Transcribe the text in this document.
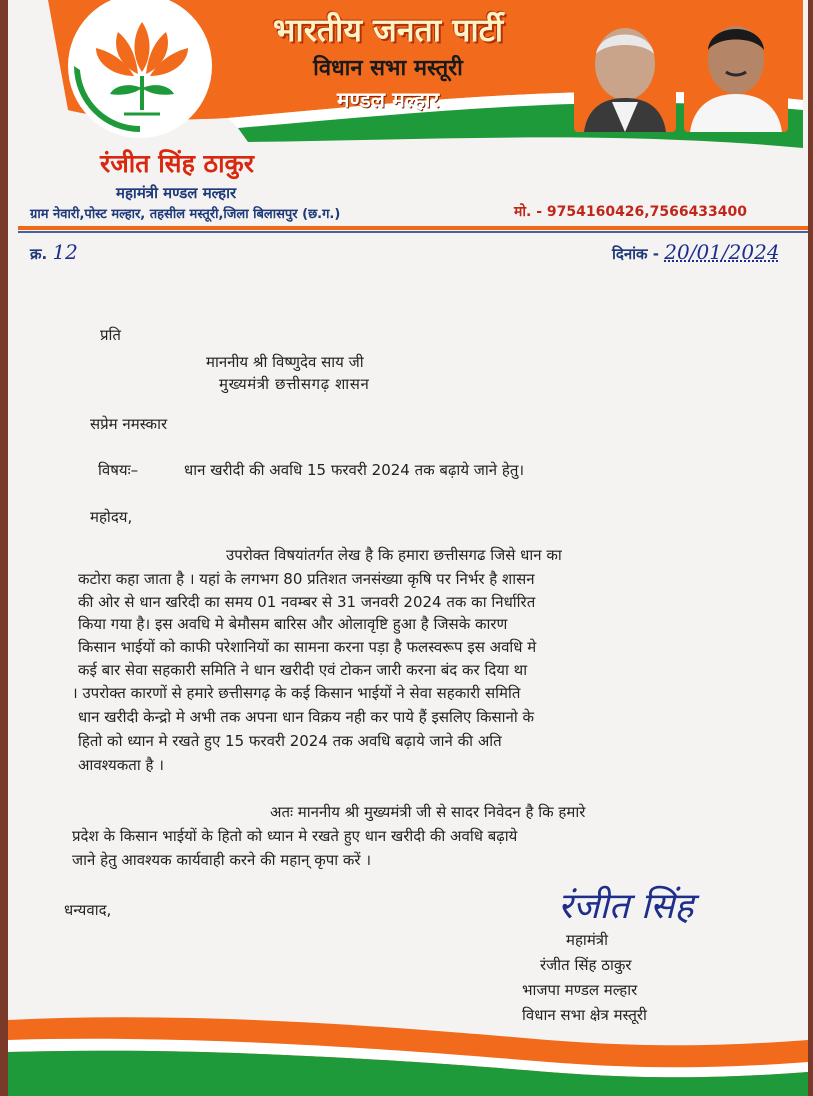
भारतीय जनता पार्टी
विधान सभा मस्तूरी
मण्डल मल्हार
रंजीत सिंह ठाकुर
महामंत्री मण्डल मल्हार
ग्राम नेवारी,पोस्ट मल्हार, तहसील मस्तूरी,जिला बिलासपुर (छ.ग.)	मो. - 9754160426,7566433400
क्र. 12	दिनांक - 20/01/2024
प्रति
माननीय श्री विष्णुदेव साय जी
मुख्यमंत्री छत्तीसगढ़ शासन
सप्रेम नमस्कार
विषयः–	धान खरीदी की अवधि 15 फरवरी 2024 तक बढ़ाये जाने हेतु।
महोदय,
उपरोक्त विषयांतर्गत लेख है कि हमारा छत्तीसगढ जिसे धान का
कटोरा कहा जाता है । यहां के लगभग 80 प्रतिशत जनसंख्या कृषि पर निर्भर है शासन
की ओर से धान खरिदी का समय 01 नवम्बर से 31 जनवरी 2024 तक का निर्धारित
किया गया है। इस अवधि मे बेमौसम बारिस और ओलावृष्टि हुआ है जिसके कारण
किसान भाईयों को काफी परेशानियों का सामना करना पड़ा है फलस्वरूप इस अवधि मे
कई बार सेवा सहकारी समिति ने धान खरीदी एवं टोकन जारी करना बंद कर दिया था
। उपरोक्त कारणों से हमारे छत्तीसगढ़ के कई किसान भाईयों ने सेवा सहकारी समिति
धान खरीदी केन्द्रो मे अभी तक अपना धान विक्रय नही कर पाये हैं इसलिए किसानो के
हितो को ध्यान मे रखते हुए 15 फरवरी 2024 तक अवधि बढ़ाये जाने की अति
आवश्यकता है ।
अतः माननीय श्री मुख्यमंत्री जी से सादर निवेदन है कि हमारे
प्रदेश के किसान भाईयों के हितो को ध्यान मे रखते हुए धान खरीदी की अवधि बढ़ाये
जाने हेतु आवश्यक कार्यवाही करने की महान् कृपा करें ।
धन्यवाद,	रंजीत सिंह
महामंत्री
रंजीत सिंह ठाकुर
भाजपा मण्डल मल्हार
विधान सभा क्षेत्र मस्तूरी
